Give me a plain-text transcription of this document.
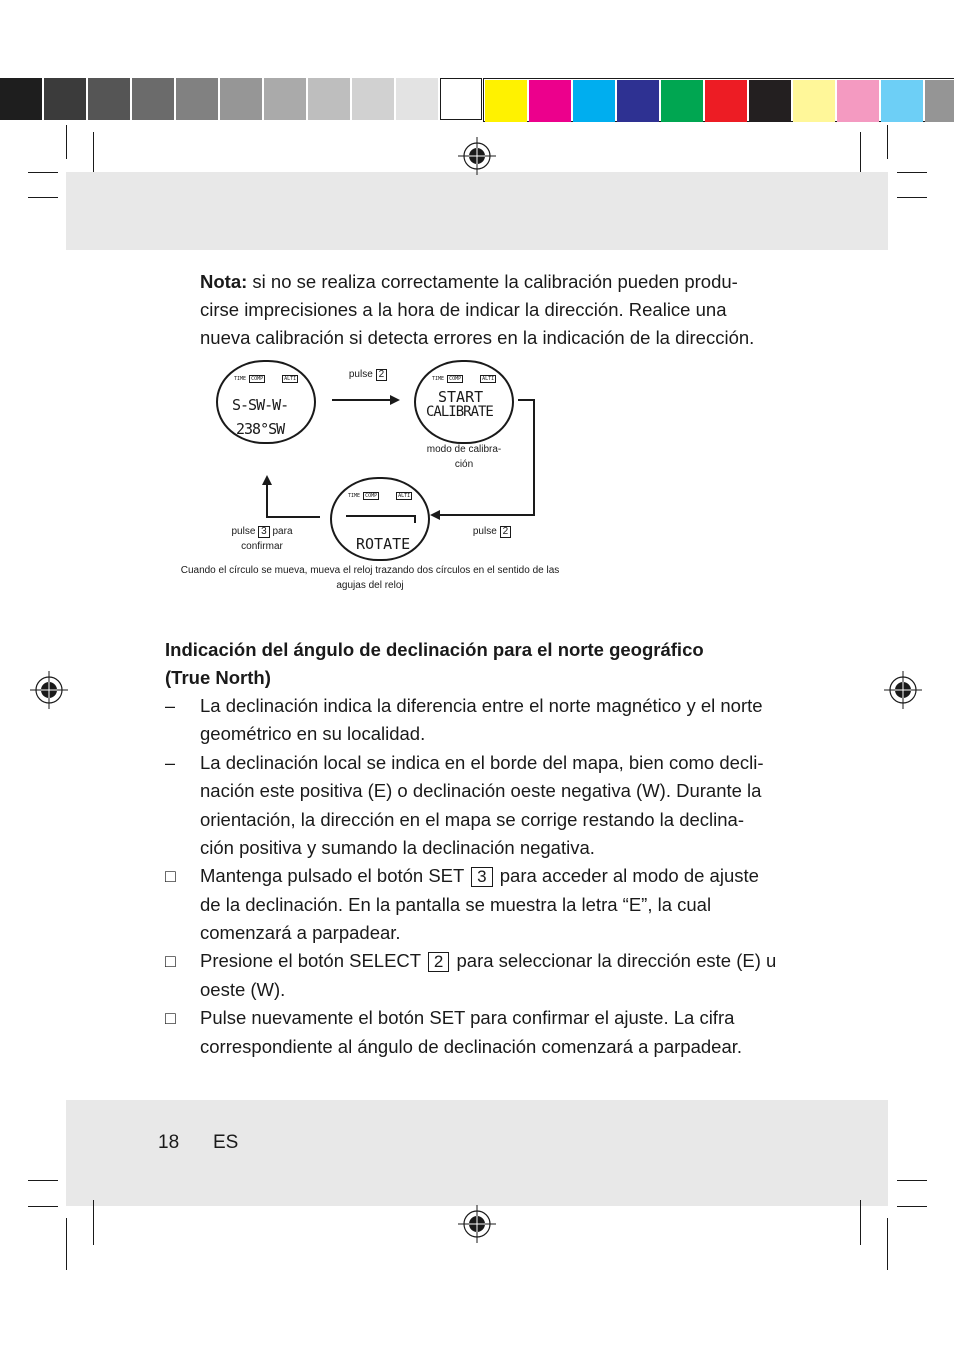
Nota: si no se realiza correctamente la calibración pueden produ-

cirse imprecisiones a la hora de indicar la dirección. Realice una

nueva calibración si detecta errores en la indicación de la dirección.

TIME COMP	ALTI
S-SW-W-
238°SW
TIME COMP	ALTI
START
CALIBRATE
TIME COMP	ALTI
ROTATE
pulse 2
modo de calibra-
ción
pulse 2
pulse 3 para
confirmar
Cuando el círculo se mueva, mueva el reloj trazando dos círculos en el sentido de las
agujas del reloj

Indicación del ángulo de declinación para el norte geográfico

(True North)

– La declinación indica la diferencia entre el norte magnético y el norte

geométrico en su localidad.

– La declinación local se indica en el borde del mapa, bien como decli-

nación este positiva (E) o declinación oeste negativa (W). Durante la

orientación, la dirección en el mapa se corrige restando la declina-

ción positiva y sumando la declinación negativa.

□ Mantenga pulsado el botón SET 3 para acceder al modo de ajuste

de la declinación. En la pantalla se muestra la letra “E”, la cual

comenzará a parpadear.

□ Presione el botón SELECT 2 para seleccionar la dirección este (E) u

oeste (W).

□ Pulse nuevamente el botón SET para confirmar el ajuste. La cifra

correspondiente al ángulo de declinación comenzará a parpadear.

18 ES
